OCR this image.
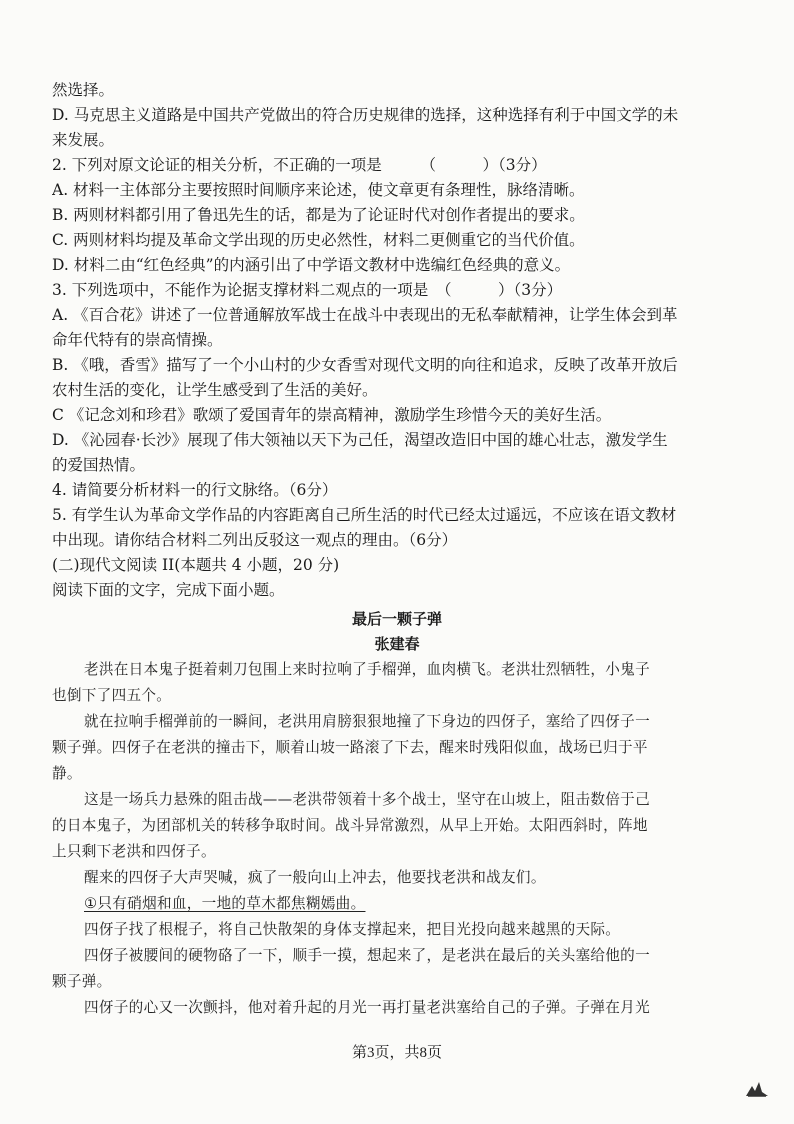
然选择。
D. 马克思主义道路是中国共产党做出的符合历史规律的选择，这种选择有利于中国文学的未
来发展。
2. 下列对原文论证的相关分析，不正确的一项是　　　（　　　）（3分）
A. 材料一主体部分主要按照时间顺序来论述，使文章更有条理性，脉络清晰。
B. 两则材料都引用了鲁迅先生的话，都是为了论证时代对创作者提出的要求。
C. 两则材料均提及革命文学出现的历史必然性，材料二更侧重它的当代价值。
D. 材料二由“红色经典”的内涵引出了中学语文教材中选编红色经典的意义。
3. 下列选项中，不能作为论据支撑材料二观点的一项是　（　　　）（3分）
A. 《百合花》讲述了一位普通解放军战士在战斗中表现出的无私奉献精神，让学生体会到革
命年代特有的崇高情操。
B. 《哦，香雪》描写了一个小山村的少女香雪对现代文明的向往和追求，反映了改革开放后
农村生活的变化，让学生感受到了生活的美好。
C 《记念刘和珍君》歌颂了爱国青年的崇高精神，激励学生珍惜今天的美好生活。
D. 《沁园春·长沙》展现了伟大领袖以天下为己任，渴望改造旧中国的雄心壮志，激发学生
的爱国热情。
4. 请简要分析材料一的行文脉络。（6分）
5. 有学生认为革命文学作品的内容距离自己所生活的时代已经太过遥远，不应该在语文教材
中出现。请你结合材料二列出反驳这一观点的理由。（6分）
(二)现代文阅读 II(本题共 4 小题，20 分)
阅读下面的文字，完成下面小题。
最后一颗子弹
张建春
老洪在日本鬼子挺着刺刀包围上来时拉响了手榴弹，血肉横飞。老洪壮烈牺牲，小鬼子
也倒下了四五个。
就在拉响手榴弹前的一瞬间，老洪用肩膀狠狠地撞了下身边的四伢子，塞给了四伢子一
颗子弹。四伢子在老洪的撞击下，顺着山坡一路滚了下去，醒来时残阳似血，战场已归于平
静。
这是一场兵力悬殊的阻击战——老洪带领着十多个战士，坚守在山坡上，阻击数倍于己
的日本鬼子，为团部机关的转移争取时间。战斗异常激烈，从早上开始。太阳西斜时，阵地
上只剩下老洪和四伢子。
醒来的四伢子大声哭喊，疯了一般向山上冲去，他要找老洪和战友们。
①只有硝烟和血，一地的草木都焦糊嫣曲。
四伢子找了根棍子，将自己快散架的身体支撑起来，把目光投向越来越黑的天际。
四伢子被腰间的硬物硌了一下，顺手一摸，想起来了，是老洪在最后的关头塞给他的一
颗子弹。
四伢子的心又一次颤抖，他对着升起的月光一再打量老洪塞给自己的子弹。子弹在月光
第3页，共8页
